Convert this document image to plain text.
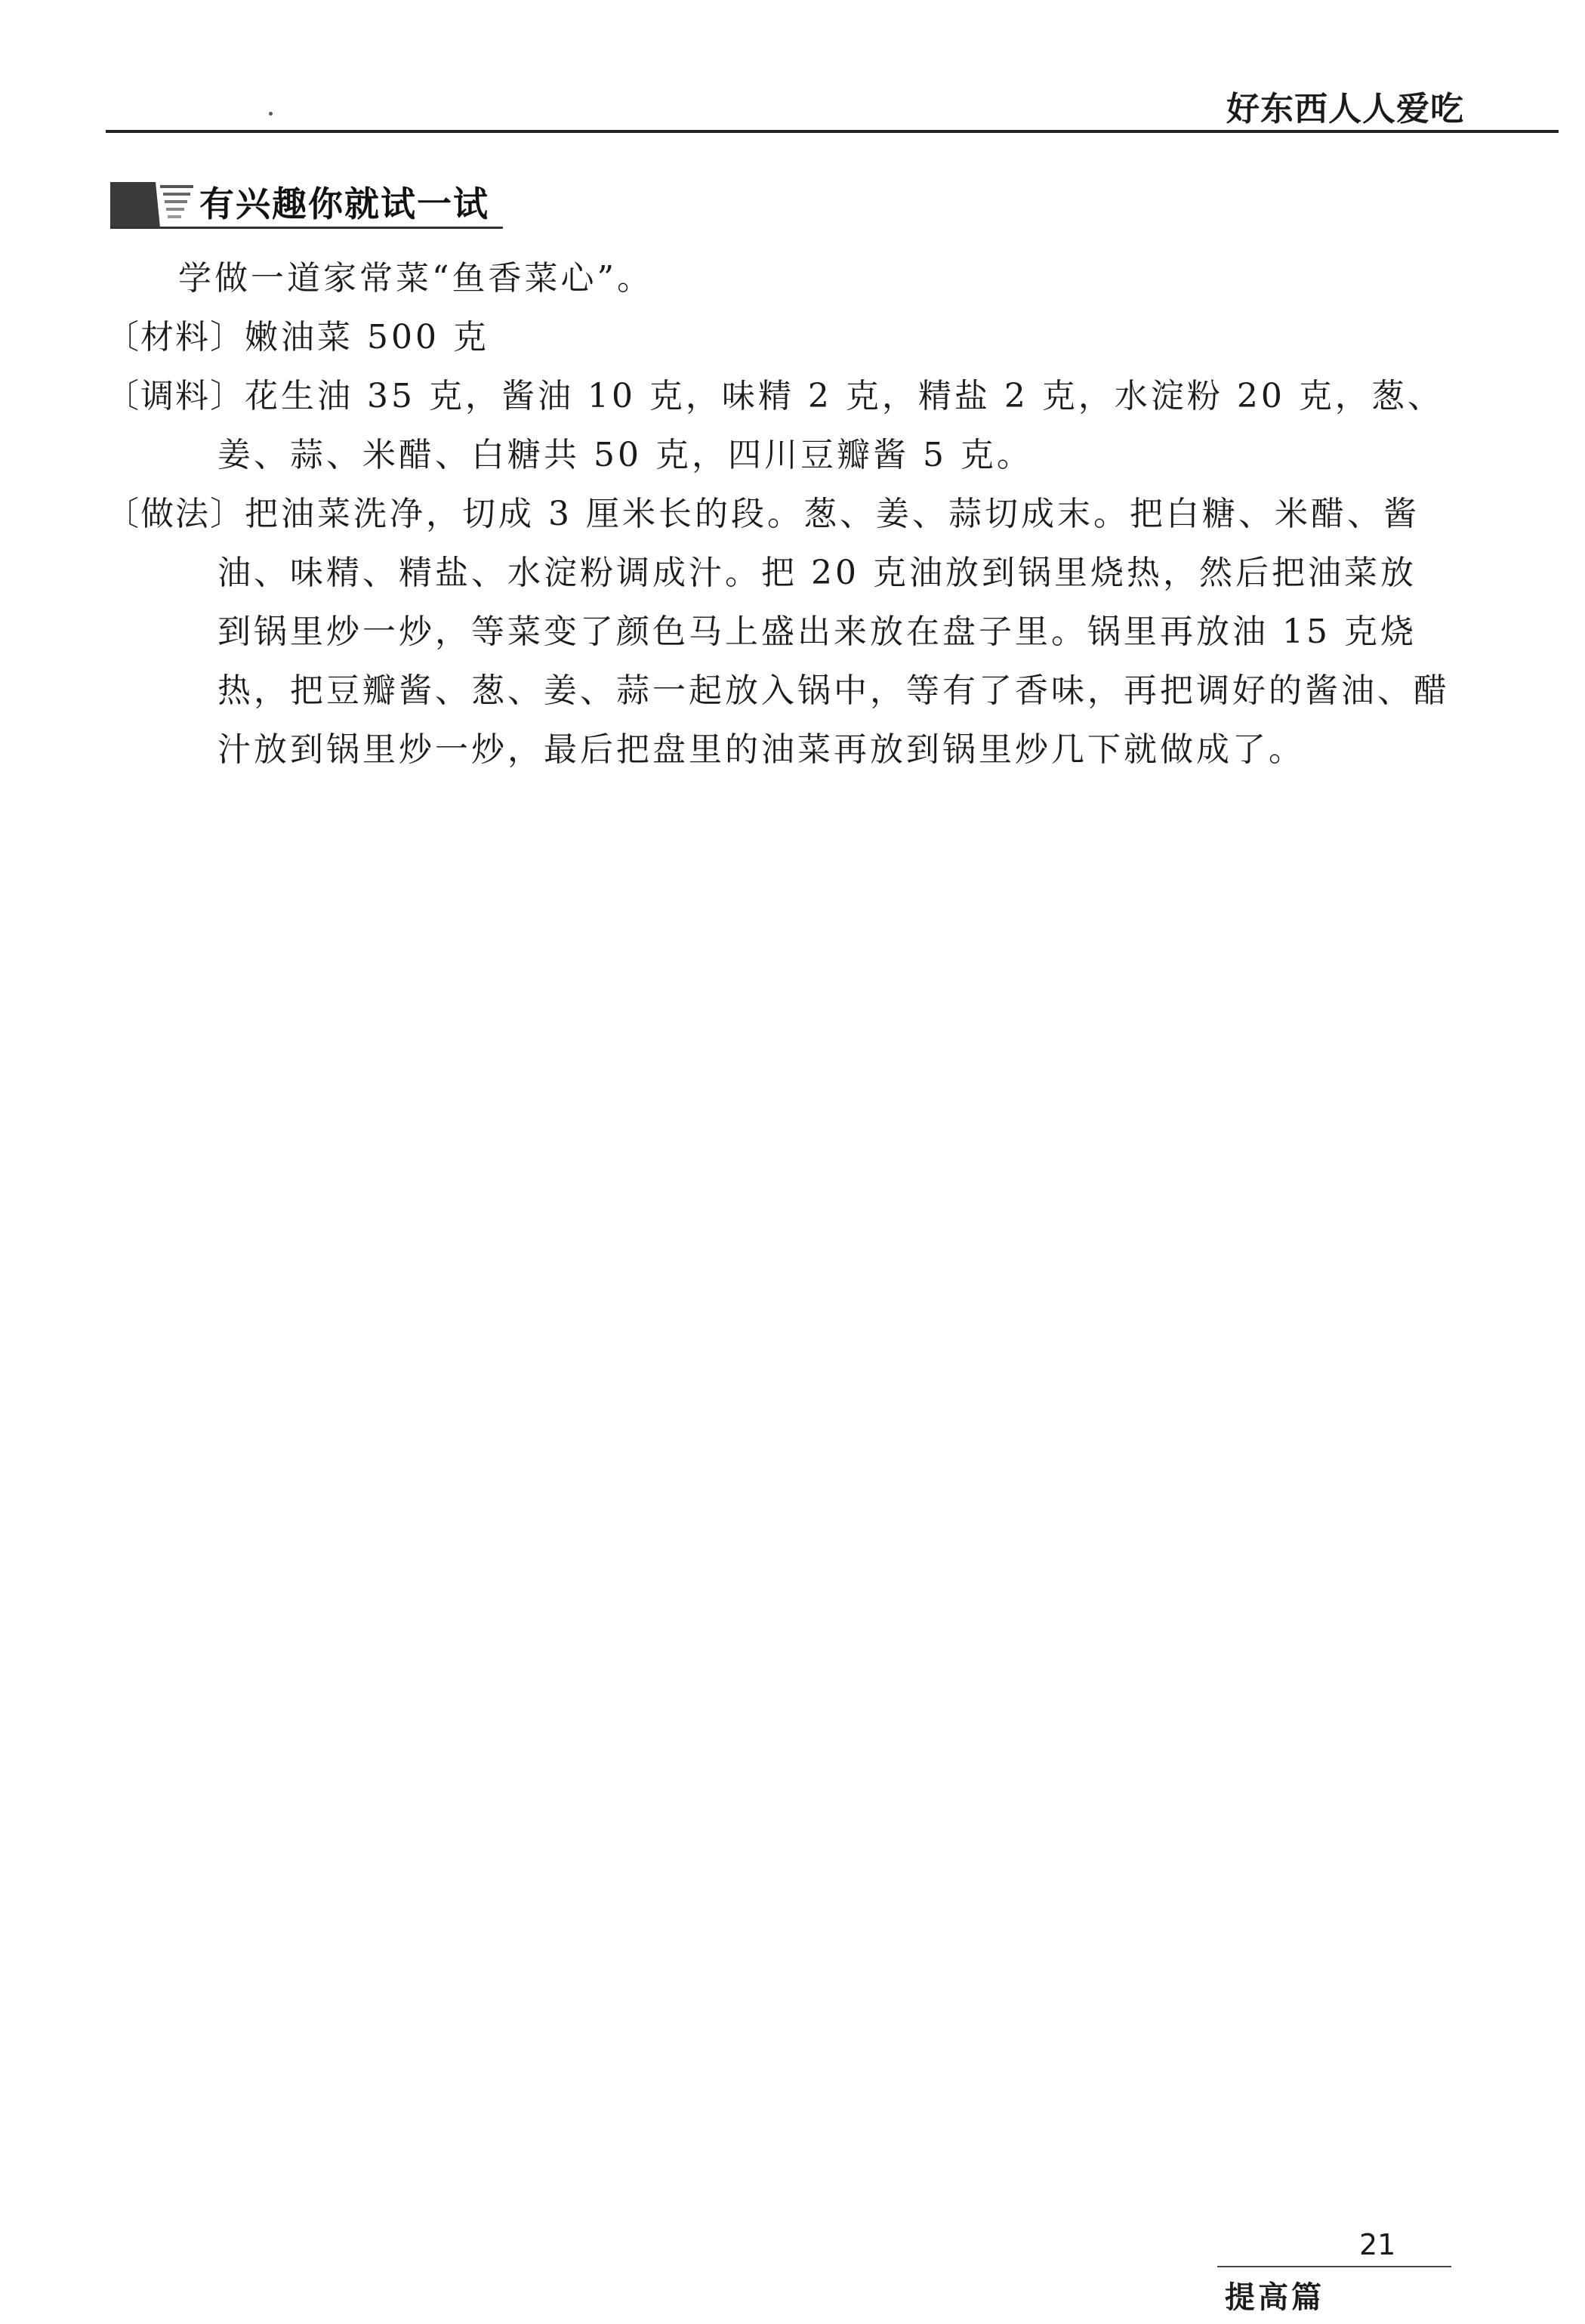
好东西人人爱吃
有兴趣你就试一试

学做一道家常菜“鱼香菜心”。

〔材料〕嫩油菜 500 克

〔调料〕花生油 35 克，酱油 10 克，味精 2 克，精盐 2 克，水淀粉 20 克，葱、姜、蒜、米醋、白糖共 50 克，四川豆瓣酱 5 克。

〔做法〕把油菜洗净，切成 3 厘米长的段。葱、姜、蒜切成末。把白糖、米醋、酱油、味精、精盐、水淀粉调成汁。把 20 克油放到锅里烧热，然后把油菜放到锅里炒一炒，等菜变了颜色马上盛出来放在盘子里。锅里再放油 15 克烧热，把豆瓣酱、葱、姜、蒜一起放入锅中，等有了香味，再把调好的酱油、醋汁放到锅里炒一炒，最后把盘里的油菜再放到锅里炒几下就做成了。

21
提高篇
